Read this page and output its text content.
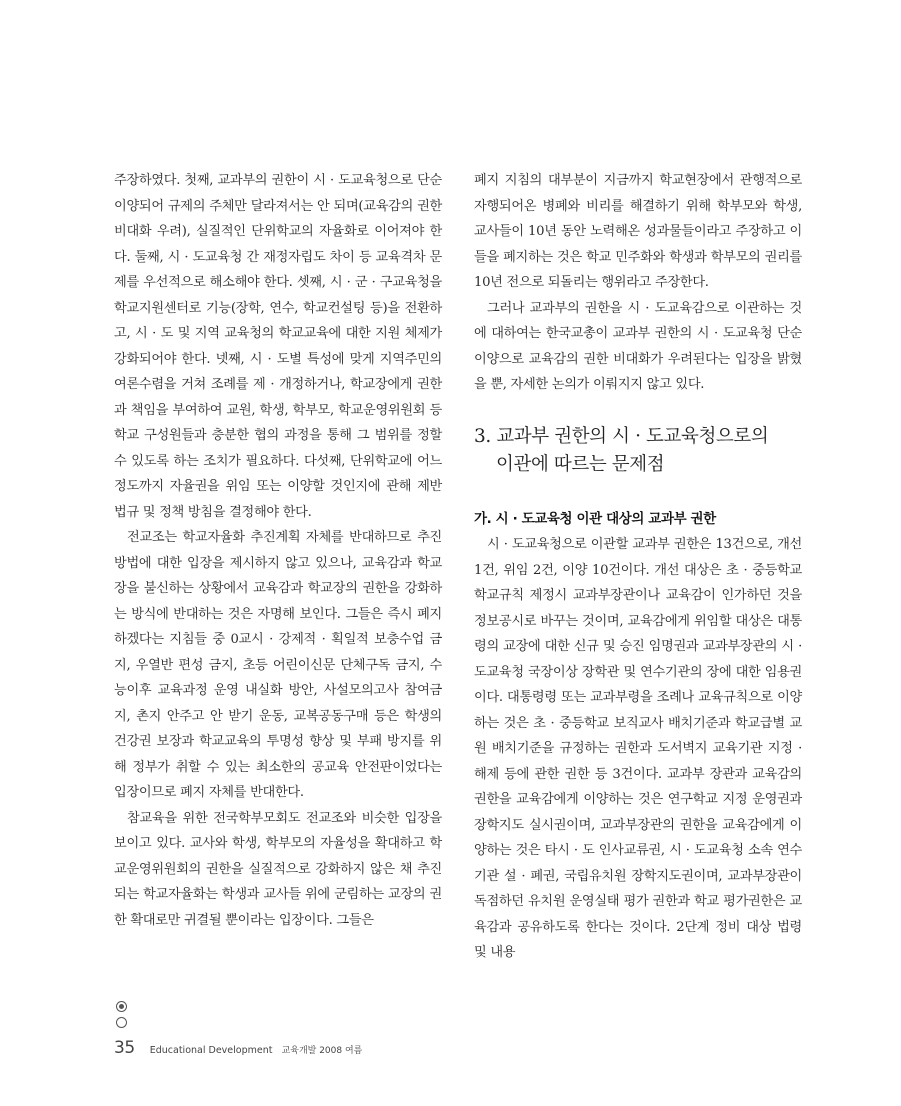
주장하였다. 첫째, 교과부의 권한이 시 · 도교육청으로 단순 이양되어 규제의 주체만 달라져서는 안 되며(교육감의 권한 비대화 우려), 실질적인 단위학교의 자율화로 이어져야 한다. 둘째, 시 · 도교육청 간 재정자립도 차이 등 교육격차 문제를 우선적으로 해소해야 한다. 셋째, 시 · 군 · 구교육청을 학교지원센터로 기능(장학, 연수, 학교컨설팅 등)을 전환하고, 시 · 도 및 지역 교육청의 학교교육에 대한 지원 체제가 강화되어야 한다. 넷째, 시 · 도별 특성에 맞게 지역주민의 여론수렴을 거쳐 조례를 제 · 개정하거나, 학교장에게 권한과 책임을 부여하여 교원, 학생, 학부모, 학교운영위원회 등 학교 구성원들과 충분한 협의 과정을 통해 그 범위를 정할 수 있도록 하는 조치가 필요하다. 다섯째, 단위학교에 어느 정도까지 자율권을 위임 또는 이양할 것인지에 관해 제반 법규 및 정책 방침을 결정해야 한다.

전교조는 학교자율화 추진계획 자체를 반대하므로 추진방법에 대한 입장을 제시하지 않고 있으나, 교육감과 학교장을 불신하는 상황에서 교육감과 학교장의 권한을 강화하는 방식에 반대하는 것은 자명해 보인다. 그들은 즉시 폐지하겠다는 지침들 중 0교시 · 강제적 · 획일적 보충수업 금지, 우열반 편성 금지, 초등 어린이신문 단체구독 금지, 수능이후 교육과정 운영 내실화 방안, 사설모의고사 참여금지, 촌지 안주고 안 받기 운동, 교복공동구매 등은 학생의 건강권 보장과 학교교육의 투명성 향상 및 부패 방지를 위해 정부가 취할 수 있는 최소한의 공교육 안전판이었다는 입장이므로 폐지 자체를 반대한다.

참교육을 위한 전국학부모회도 전교조와 비슷한 입장을 보이고 있다. 교사와 학생, 학부모의 자율성을 확대하고 학교운영위원회의 권한을 실질적으로 강화하지 않은 채 추진되는 학교자율화는 학생과 교사들 위에 군림하는 교장의 권한 확대로만 귀결될 뿐이라는 입장이다. 그들은

폐지 지침의 대부분이 지금까지 학교현장에서 관행적으로 자행되어온 병폐와 비리를 해결하기 위해 학부모와 학생, 교사들이 10년 동안 노력해온 성과물들이라고 주장하고 이들을 폐지하는 것은 학교 민주화와 학생과 학부모의 권리를 10년 전으로 되돌리는 행위라고 주장한다.

그러나 교과부의 권한을 시 · 도교육감으로 이관하는 것에 대하여는 한국교총이 교과부 권한의 시 · 도교육청 단순 이양으로 교육감의 권한 비대화가 우려된다는 입장을 밝혔을 뿐, 자세한 논의가 이뤄지지 않고 있다.

3. 교과부 권한의 시 · 도교육청으로의
이관에 따르는 문제점

가. 시 · 도교육청 이관 대상의 교과부 권한

시 · 도교육청으로 이관할 교과부 권한은 13건으로, 개선 1건, 위임 2건, 이양 10건이다. 개선 대상은 초 · 중등학교 학교규칙 제정시 교과부장관이나 교육감이 인가하던 것을 정보공시로 바꾸는 것이며, 교육감에게 위임할 대상은 대통령의 교장에 대한 신규 및 승진 임명권과 교과부장관의 시 · 도교육청 국장이상 장학관 및 연수기관의 장에 대한 임용권이다. 대통령령 또는 교과부령을 조례나 교육규칙으로 이양하는 것은 초 · 중등학교 보직교사 배치기준과 학교급별 교원 배치기준을 규정하는 권한과 도서벽지 교육기관 지정 · 해제 등에 관한 권한 등 3건이다. 교과부 장관과 교육감의 권한을 교육감에게 이양하는 것은 연구학교 지정 운영권과 장학지도 실시권이며, 교과부장관의 권한을 교육감에게 이양하는 것은 타시 · 도 인사교류권, 시 · 도교육청 소속 연수기관 설 · 폐권, 국립유치원 장학지도권이며, 교과부장관이 독점하던 유치원 운영실태 평가 권한과 학교 평가권한은 교육감과 공유하도록 한다는 것이다. 2단계 정비 대상 법령 및 내용

35 Educational Development 교육개발 2008 여름
